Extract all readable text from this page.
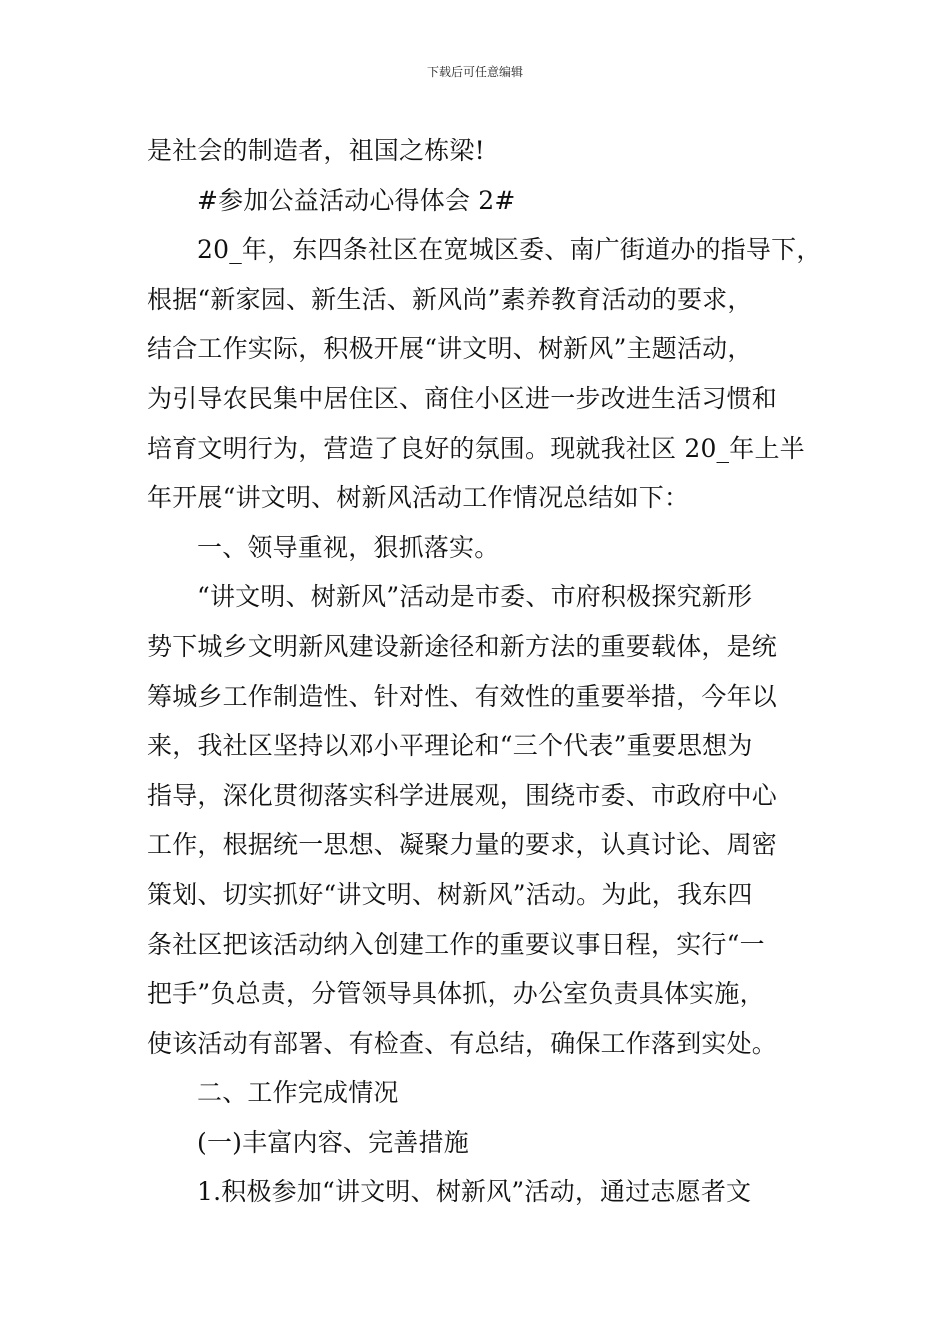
下载后可任意编辑
是社会的制造者，祖国之栋梁!
#参加公益活动心得体会 2#
20_年，东四条社区在宽城区委、南广街道办的指导下，
根据“新家园、新生活、新风尚”素养教育活动的要求，
结合工作实际，积极开展“讲文明、树新风”主题活动，
为引导农民集中居住区、商住小区进一步改进生活习惯和
培育文明行为，营造了良好的氛围。现就我社区 20_年上半
年开展“讲文明、树新风活动工作情况总结如下：
一、领导重视，狠抓落实。
“讲文明、树新风”活动是市委、市府积极探究新形
势下城乡文明新风建设新途径和新方法的重要载体，是统
筹城乡工作制造性、针对性、有效性的重要举措，今年以
来，我社区坚持以邓小平理论和“三个代表”重要思想为
指导，深化贯彻落实科学进展观，围绕市委、市政府中心
工作，根据统一思想、凝聚力量的要求，认真讨论、周密
策划、切实抓好“讲文明、树新风”活动。为此，我东四
条社区把该活动纳入创建工作的重要议事日程，实行“一
把手”负总责，分管领导具体抓，办公室负责具体实施，
使该活动有部署、有检查、有总结，确保工作落到实处。
二、工作完成情况
(一)丰富内容、完善措施
1.积极参加“讲文明、树新风”活动，通过志愿者文
